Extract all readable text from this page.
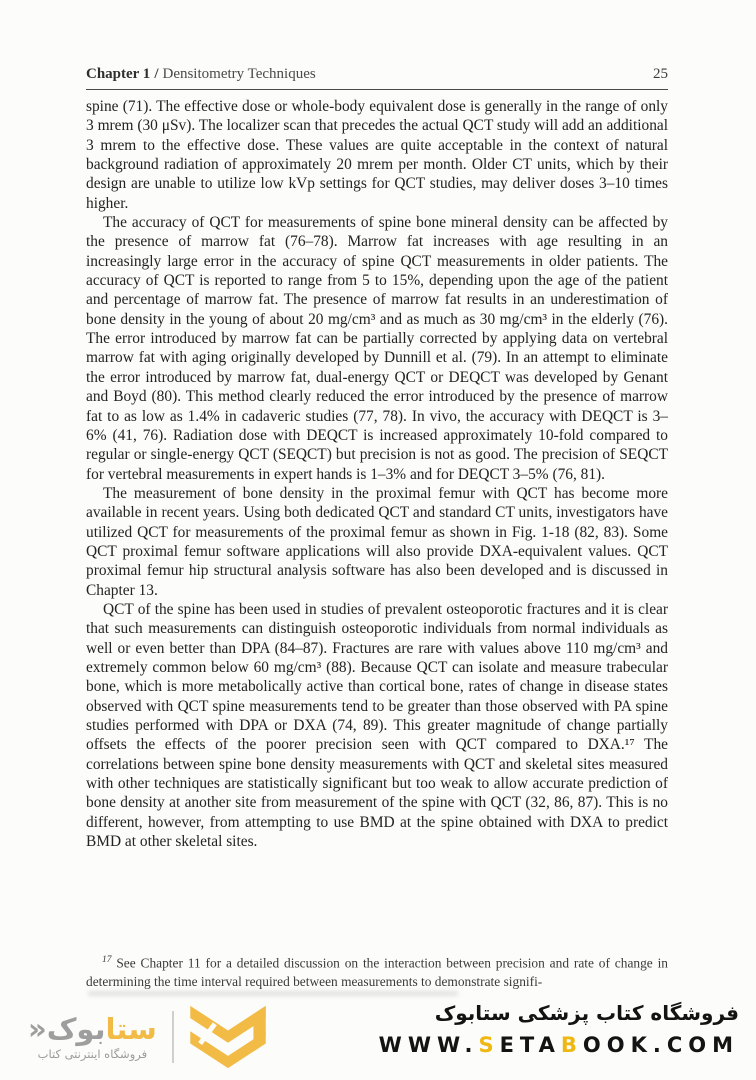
Chapter 1 / Densitometry Techniques	25

spine (71). The effective dose or whole-body equivalent dose is generally in the range of only 3 mrem (30 μSv). The localizer scan that precedes the actual QCT study will add an additional 3 mrem to the effective dose. These values are quite acceptable in the context of natural background radiation of approximately 20 mrem per month. Older CT units, which by their design are unable to utilize low kVp settings for QCT studies, may deliver doses 3–10 times higher.

The accuracy of QCT for measurements of spine bone mineral density can be affected by the presence of marrow fat (76–78). Marrow fat increases with age resulting in an increasingly large error in the accuracy of spine QCT measurements in older patients. The accuracy of QCT is reported to range from 5 to 15%, depending upon the age of the patient and percentage of marrow fat. The presence of marrow fat results in an underestimation of bone density in the young of about 20 mg/cm³ and as much as 30 mg/cm³ in the elderly (76). The error introduced by marrow fat can be partially corrected by applying data on vertebral marrow fat with aging originally developed by Dunnill et al. (79). In an attempt to eliminate the error introduced by marrow fat, dual-energy QCT or DEQCT was developed by Genant and Boyd (80). This method clearly reduced the error introduced by the presence of marrow fat to as low as 1.4% in cadaveric studies (77, 78). In vivo, the accuracy with DEQCT is 3–6% (41, 76). Radiation dose with DEQCT is increased approximately 10-fold compared to regular or single-energy QCT (SEQCT) but precision is not as good. The precision of SEQCT for vertebral measurements in expert hands is 1–3% and for DEQCT 3–5% (76, 81).

The measurement of bone density in the proximal femur with QCT has become more available in recent years. Using both dedicated QCT and standard CT units, investigators have utilized QCT for measurements of the proximal femur as shown in Fig. 1-18 (82, 83). Some QCT proximal femur software applications will also provide DXA-equivalent values. QCT proximal femur hip structural analysis software has also been developed and is discussed in Chapter 13.

QCT of the spine has been used in studies of prevalent osteoporotic fractures and it is clear that such measurements can distinguish osteoporotic individuals from normal individuals as well or even better than DPA (84–87). Fractures are rare with values above 110 mg/cm³ and extremely common below 60 mg/cm³ (88). Because QCT can isolate and measure trabecular bone, which is more metabolically active than cortical bone, rates of change in disease states observed with QCT spine measurements tend to be greater than those observed with PA spine studies performed with DPA or DXA (74, 89). This greater magnitude of change partially offsets the effects of the poorer precision seen with QCT compared to DXA.¹⁷ The correlations between spine bone density measurements with QCT and skeletal sites measured with other techniques are statistically significant but too weak to allow accurate prediction of bone density at another site from measurement of the spine with QCT (32, 86, 87). This is no different, however, from attempting to use BMD at the spine obtained with DXA to predict BMD at other skeletal sites.

$^{17}$ See Chapter 11 for a detailed discussion on the interaction between precision and rate of change in determining the time interval required between measurements to demonstrate signifi-
ستابوک«
فروشگاه اینترنتی کتاب
فروشگاه کتاب پزشکی ستابوک
WWW.SETABOOK.COM
